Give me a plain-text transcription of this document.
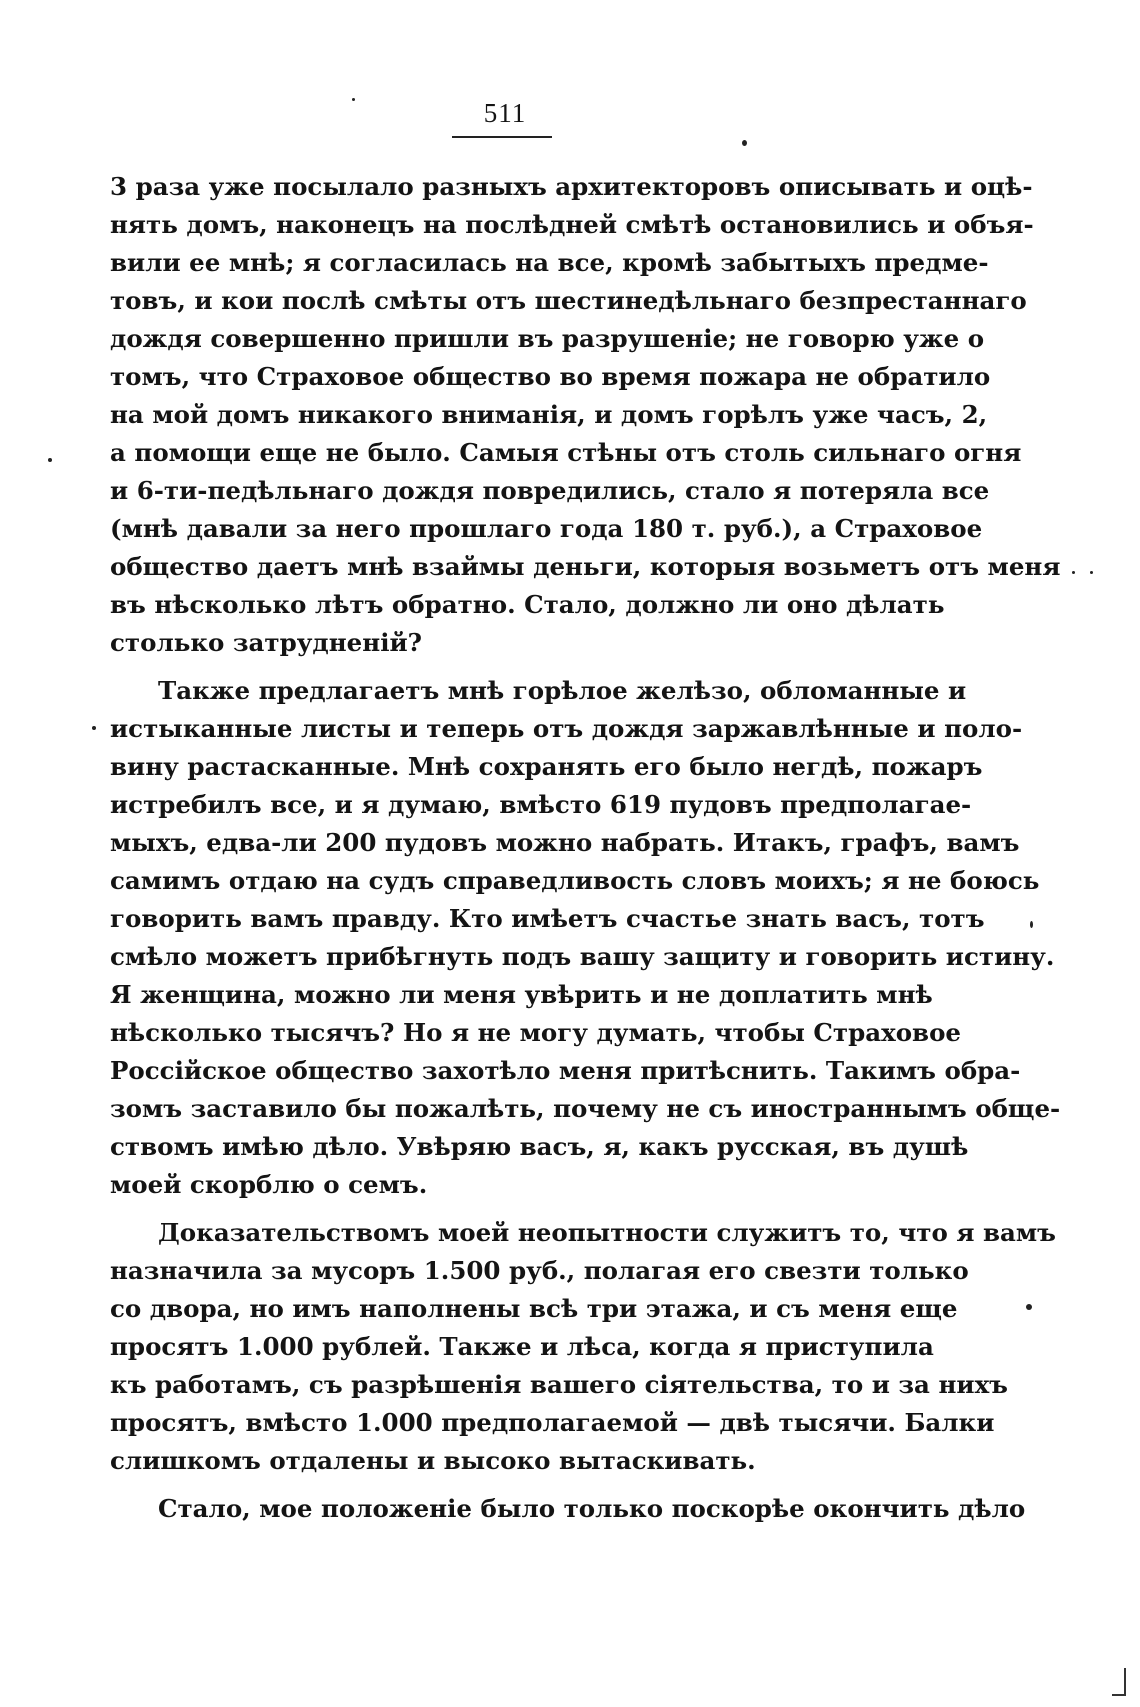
511
3 раза уже посылало разныхъ архитекторовъ описывать и оцѣ-
нять домъ, наконецъ на послѣдней смѣтѣ остановились и объя-
вили ее мнѣ; я согласилась на все, кромѣ забытыхъ предме-
товъ, и кои послѣ смѣты отъ шестинедѣльнаго безпрестаннаго
дождя совершенно пришли въ разрушенiе; не говорю уже о
томъ, что Страховое общество во время пожара не обратило
на мой домъ никакого вниманiя, и домъ горѣлъ уже часъ, 2,
а помощи еще не было. Самыя стѣны отъ столь сильнаго огня
и 6-ти-педѣльнаго дождя повредились, стало я потеряла все
(мнѣ давали за него прошлаго года 180 т. руб.), а Страховое
общество даетъ мнѣ взаймы деньги, которыя возьметъ отъ меня
въ нѣсколько лѣтъ обратно. Стало, должно ли оно дѣлать
столько затрудненiй?
Также предлагаетъ мнѣ горѣлое желѣзо, обломанные и
истыканные листы и теперь отъ дождя заржавлѣнные и поло-
вину растасканные. Мнѣ сохранять его было негдѣ, пожаръ
истребилъ все, и я думаю, вмѣсто 619 пудовъ предполагае-
мыхъ, едва-ли 200 пудовъ можно набрать. Итакъ, графъ, вамъ
самимъ отдаю на судъ справедливость словъ моихъ; я не боюсь
говорить вамъ правду. Кто имѣетъ счастье знать васъ, тотъ
смѣло можетъ прибѣгнуть подъ вашу защиту и говорить истину.
Я женщина, можно ли меня увѣрить и не доплатить мнѣ
нѣсколько тысячъ? Но я не могу думать, чтобы Страховое
Россiйское общество захотѣло меня притѣснить. Такимъ обра-
зомъ заставило бы пожалѣть, почему не съ иностраннымъ обще-
ствомъ имѣю дѣло. Увѣряю васъ, я, какъ русская, въ душѣ
моей скорблю о семъ.
Доказательствомъ моей неопытности служитъ то, что я вамъ
назначила за мусоръ 1.500 руб., полагая его свезти только
со двора, но имъ наполнены всѣ три этажа, и съ меня еще
просятъ 1.000 рублей. Также и лѣса, когда я приступила
къ работамъ, съ разрѣшенiя вашего сiятельства, то и за нихъ
просятъ, вмѣсто 1.000 предполагаемой — двѣ тысячи. Балки
слишкомъ отдалены и высоко вытаскивать.
Стало, мое положенiе было только поскорѣе окончить дѣло
